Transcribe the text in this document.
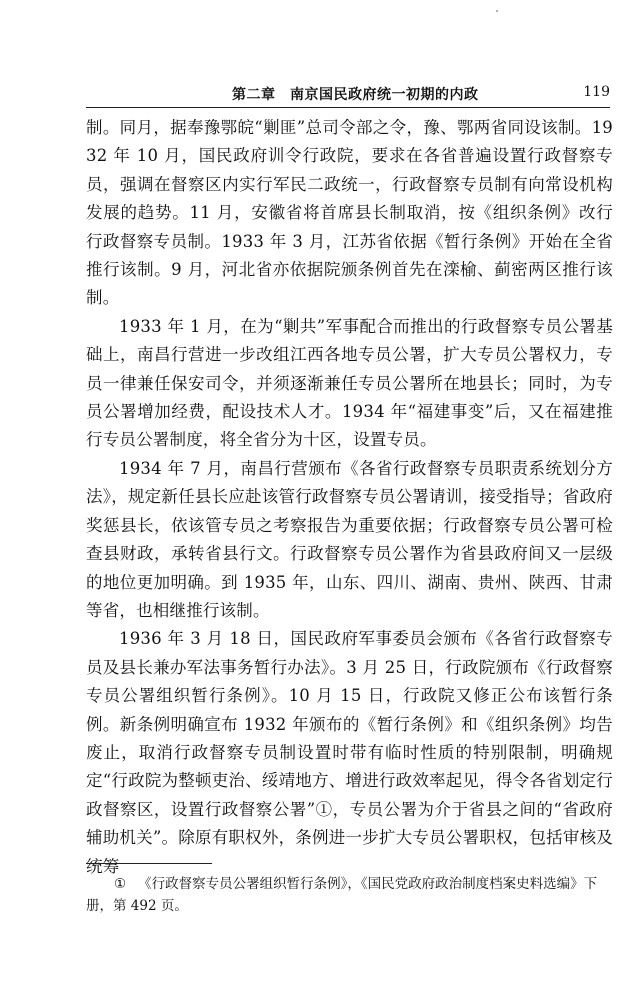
第二章　南京国民政府统一初期的内政	119

制。同月，据奉豫鄂皖“剿匪”总司令部之令，豫、鄂两省同设该制。1932 年 10 月，国民政府训令行政院，要求在各省普遍设置行政督察专员，强调在督察区内实行军民二政统一，行政督察专员制有向常设机构发展的趋势。11 月，安徽省将首席县长制取消，按《组织条例》改行行政督察专员制。1933 年 3 月，江苏省依据《暂行条例》开始在全省推行该制。9 月，河北省亦依据院颁条例首先在滦榆、蓟密两区推行该制。

1933 年 1 月，在为“剿共”军事配合而推出的行政督察专员公署基础上，南昌行营进一步改组江西各地专员公署，扩大专员公署权力，专员一律兼任保安司令，并须逐渐兼任专员公署所在地县长；同时，为专员公署增加经费，配设技术人才。1934 年“福建事变”后，又在福建推行专员公署制度，将全省分为十区，设置专员。

1934 年 7 月，南昌行营颁布《各省行政督察专员职责系统划分方法》，规定新任县长应赴该管行政督察专员公署请训，接受指导；省政府奖惩县长，依该管专员之考察报告为重要依据；行政督察专员公署可检查县财政，承转省县行文。行政督察专员公署作为省县政府间又一层级的地位更加明确。到 1935 年，山东、四川、湖南、贵州、陕西、甘肃等省，也相继推行该制。

1936 年 3 月 18 日，国民政府军事委员会颁布《各省行政督察专员及县长兼办军法事务暂行办法》。3 月 25 日，行政院颁布《行政督察专员公署组织暂行条例》。10 月 15 日，行政院又修正公布该暂行条例。新条例明确宣布 1932 年颁布的《暂行条例》和《组织条例》均告废止，取消行政督察专员制设置时带有临时性质的特别限制，明确规定“行政院为整顿吏治、绥靖地方、增进行政效率起见，得令各省划定行政督察区，设置行政督察公署”①，专员公署为介于省县之间的“省政府辅助机关”。除原有职权外，条例进一步扩大专员公署职权，包括审核及统筹

① 《行政督察专员公署组织暂行条例》，《国民党政府政治制度档案史料选编》下册，第 492 页。
